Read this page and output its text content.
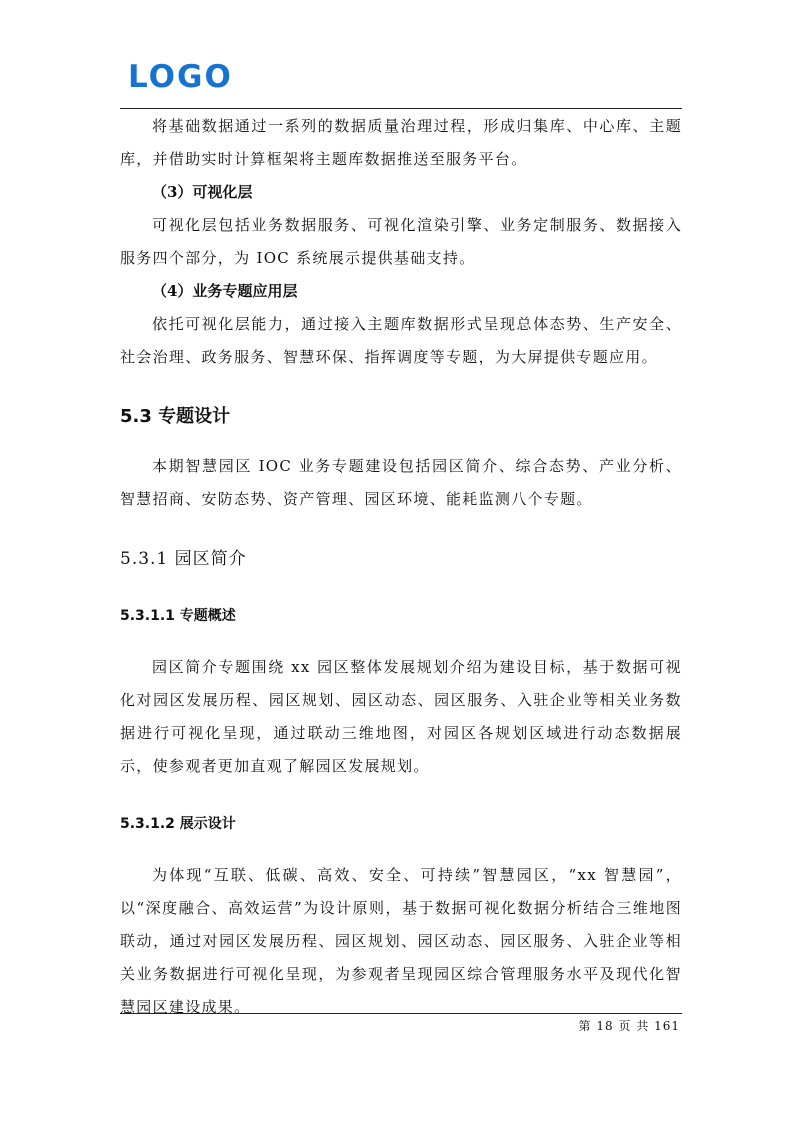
LOGO

将基础数据通过一系列的数据质量治理过程，形成归集库、中心库、主题库，并借助实时计算框架将主题库数据推送至服务平台。

（3）可视化层

可视化层包括业务数据服务、可视化渲染引擎、业务定制服务、数据接入服务四个部分，为 IOC 系统展示提供基础支持。

（4）业务专题应用层

依托可视化层能力，通过接入主题库数据形式呈现总体态势、生产安全、社会治理、政务服务、智慧环保、指挥调度等专题，为大屏提供专题应用。

5.3 专题设计

本期智慧园区 IOC 业务专题建设包括园区简介、综合态势、产业分析、智慧招商、安防态势、资产管理、园区环境、能耗监测八个专题。

5.3.1 园区简介
5.3.1.1 专题概述

园区简介专题围绕 xx 园区整体发展规划介绍为建设目标，基于数据可视化对园区发展历程、园区规划、园区动态、园区服务、入驻企业等相关业务数据进行可视化呈现，通过联动三维地图，对园区各规划区域进行动态数据展示，使参观者更加直观了解园区发展规划。

5.3.1.2 展示设计

为体现“互联、低碳、高效、安全、可持续”智慧园区，“xx 智慧园”，以“深度融合、高效运营”为设计原则，基于数据可视化数据分析结合三维地图联动，通过对园区发展历程、园区规划、园区动态、园区服务、入驻企业等相关业务数据进行可视化呈现，为参观者呈现园区综合管理服务水平及现代化智慧园区建设成果。

第 18 页 共 161
